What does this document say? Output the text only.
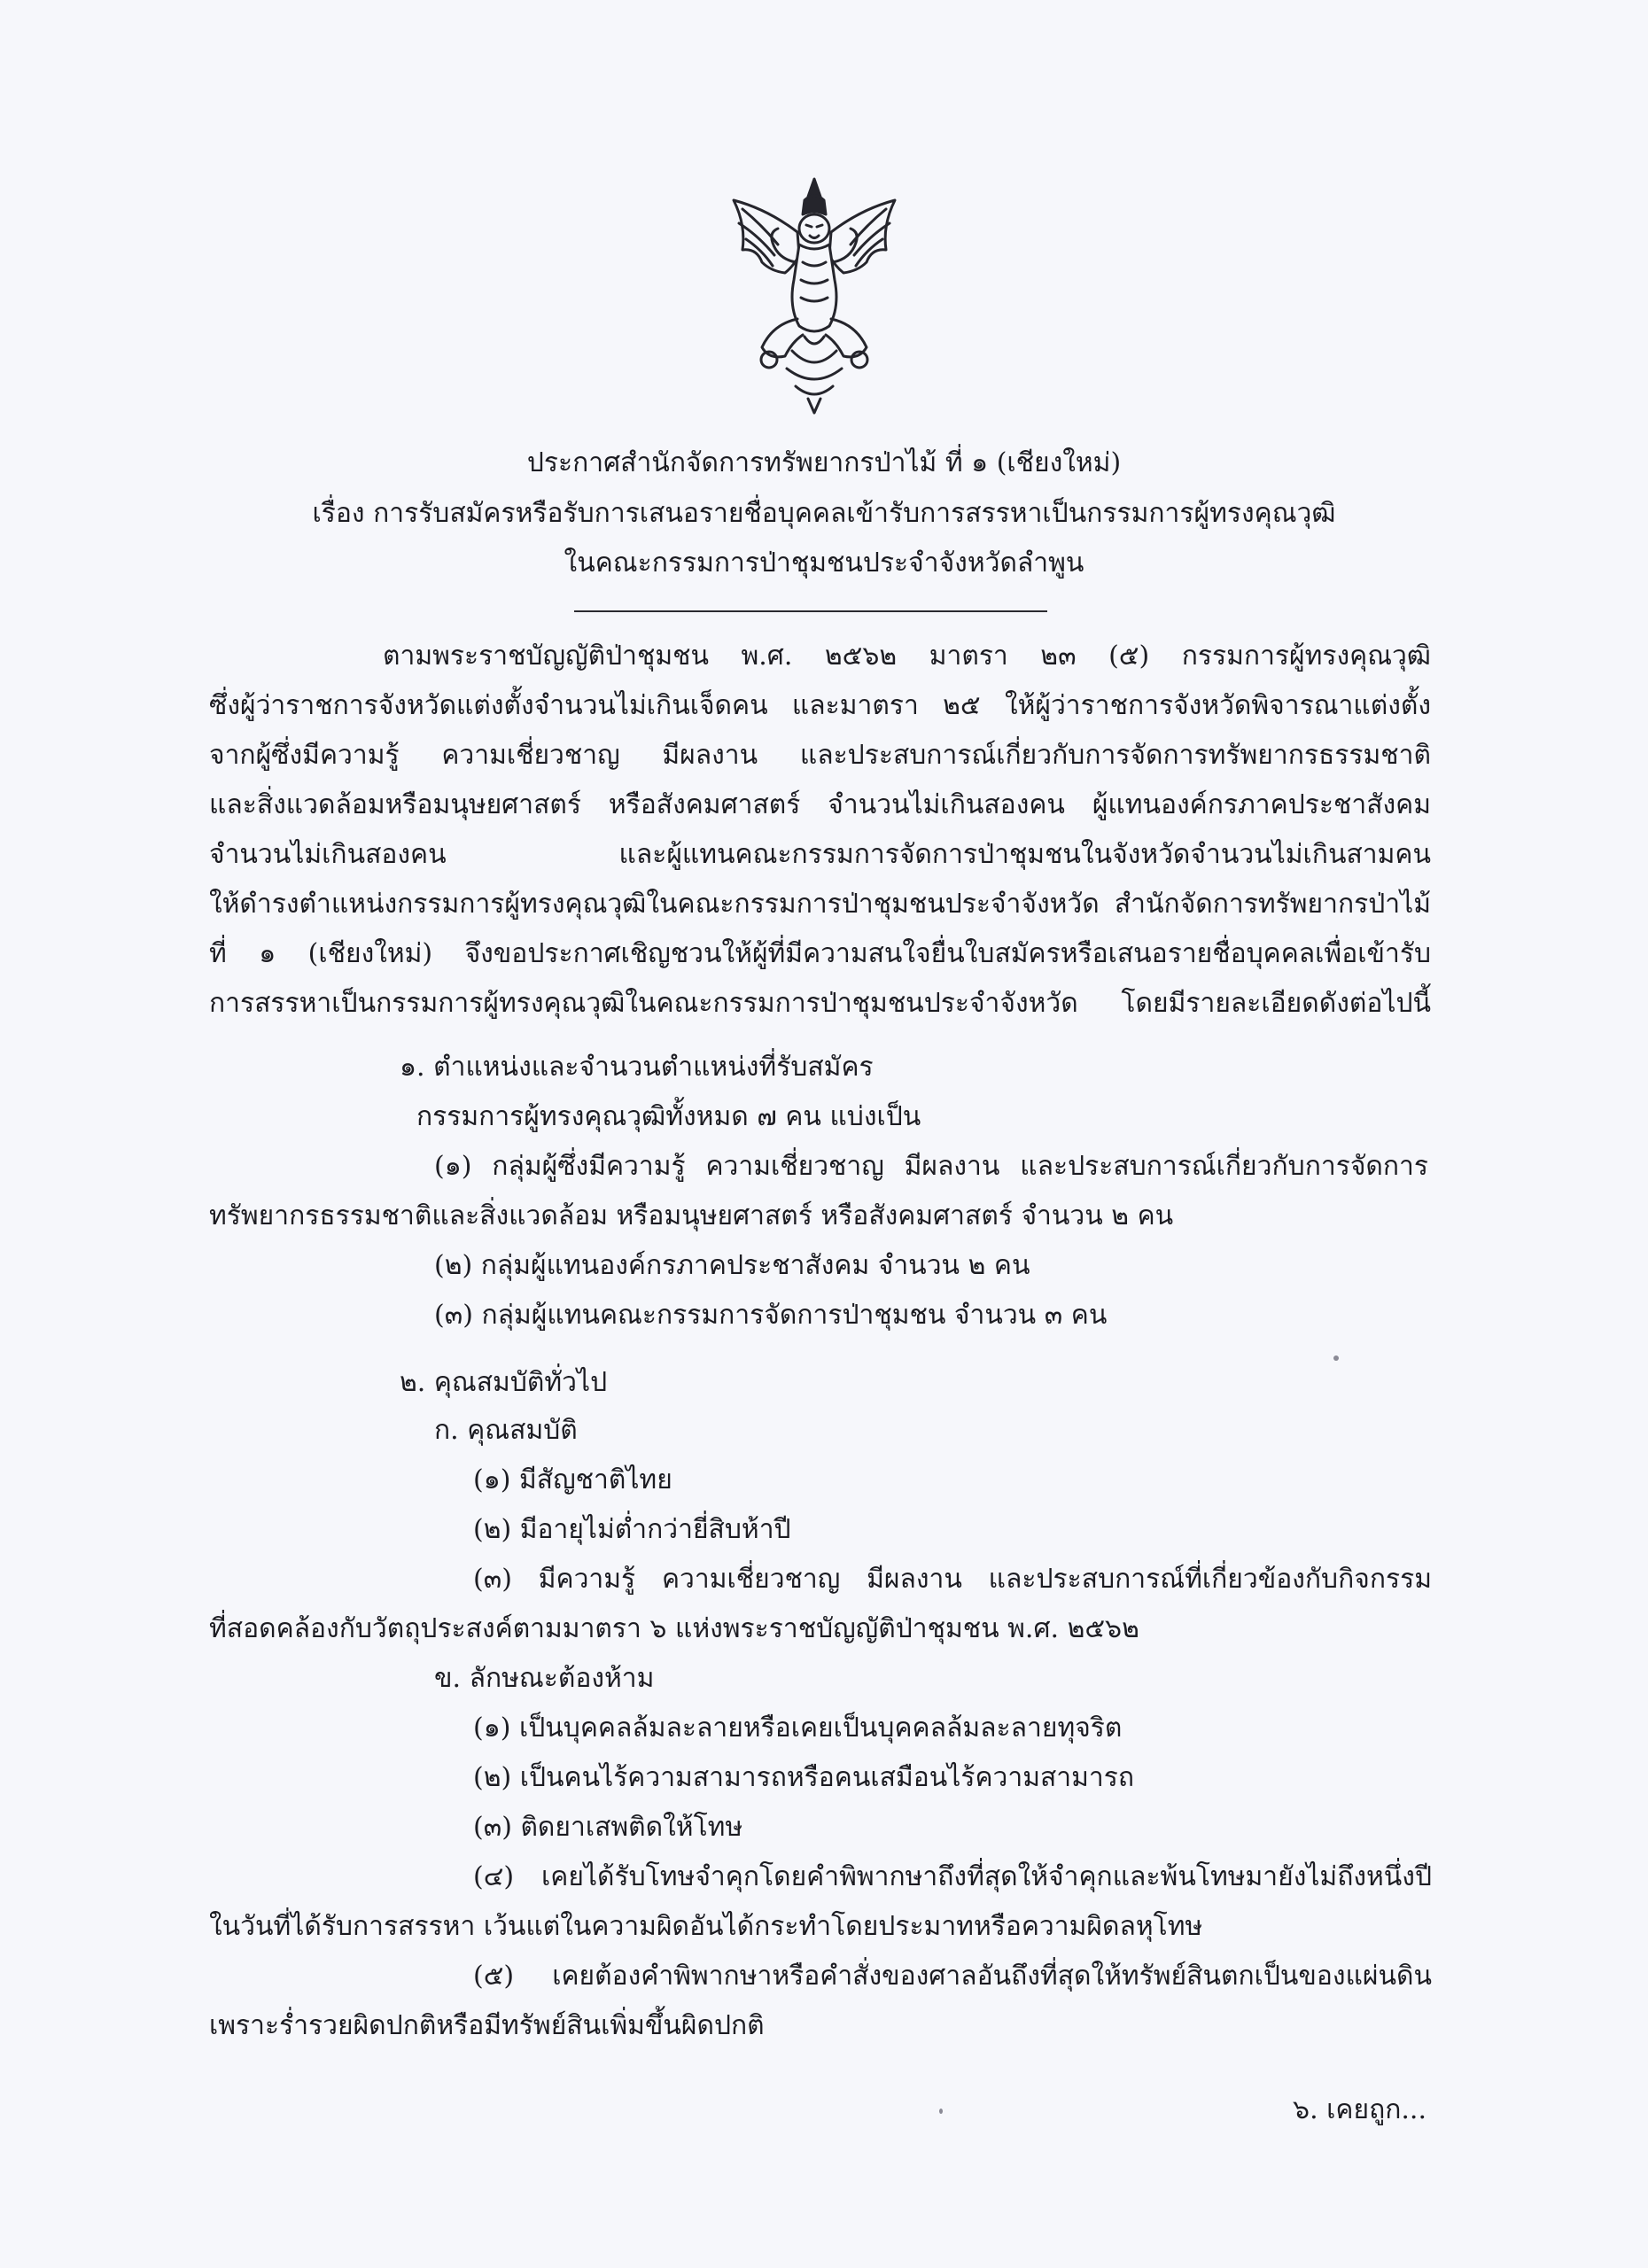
ประกาศสำนักจัดการทรัพยากรป่าไม้ ที่ ๑ (เชียงใหม่)
เรื่อง การรับสมัครหรือรับการเสนอรายชื่อบุคคลเข้ารับการสรรหาเป็นกรรมการผู้ทรงคุณวุฒิ
ในคณะกรรมการป่าชุมชนประจำจังหวัดลำพูน
ตามพระราชบัญญัติป่าชุมชน พ.ศ. ๒๕๖๒ มาตรา ๒๓ (๕) กรรมการผู้ทรงคุณวุฒิ
ซึ่งผู้ว่าราชการจังหวัดแต่งตั้งจำนวนไม่เกินเจ็ดคน และมาตรา ๒๕ ให้ผู้ว่าราชการจังหวัดพิจารณาแต่งตั้ง
จากผู้ซึ่งมีความรู้ ความเชี่ยวชาญ มีผลงาน และประสบการณ์เกี่ยวกับการจัดการทรัพยากรธรรมชาติ
และสิ่งแวดล้อมหรือมนุษยศาสตร์ หรือสังคมศาสตร์ จำนวนไม่เกินสองคน ผู้แทนองค์กรภาคประชาสังคม
จำนวนไม่เกินสองคน และผู้แทนคณะกรรมการจัดการป่าชุมชนในจังหวัดจำนวนไม่เกินสามคน
ให้ดำรงตำแหน่งกรรมการผู้ทรงคุณวุฒิในคณะกรรมการป่าชุมชนประจำจังหวัด สำนักจัดการทรัพยากรป่าไม้
ที่ ๑ (เชียงใหม่) จึงขอประกาศเชิญชวนให้ผู้ที่มีความสนใจยื่นใบสมัครหรือเสนอรายชื่อบุคคลเพื่อเข้ารับ
การสรรหาเป็นกรรมการผู้ทรงคุณวุฒิในคณะกรรมการป่าชุมชนประจำจังหวัด โดยมีรายละเอียดดังต่อไปนี้
๑. ตำแหน่งและจำนวนตำแหน่งที่รับสมัคร
กรรมการผู้ทรงคุณวุฒิทั้งหมด ๗ คน แบ่งเป็น
(๑) กลุ่มผู้ซึ่งมีความรู้ ความเชี่ยวชาญ มีผลงาน และประสบการณ์เกี่ยวกับการจัดการ
ทรัพยากรธรรมชาติและสิ่งแวดล้อม หรือมนุษยศาสตร์ หรือสังคมศาสตร์ จำนวน ๒ คน
(๒) กลุ่มผู้แทนองค์กรภาคประชาสังคม จำนวน ๒ คน
(๓) กลุ่มผู้แทนคณะกรรมการจัดการป่าชุมชน จำนวน ๓ คน
๒. คุณสมบัติทั่วไป
ก. คุณสมบัติ
(๑) มีสัญชาติไทย
(๒) มีอายุไม่ต่ำกว่ายี่สิบห้าปี
(๓) มีความรู้ ความเชี่ยวชาญ มีผลงาน และประสบการณ์ที่เกี่ยวข้องกับกิจกรรม
ที่สอดคล้องกับวัตถุประสงค์ตามมาตรา ๖ แห่งพระราชบัญญัติป่าชุมชน พ.ศ. ๒๕๖๒
ข. ลักษณะต้องห้าม
(๑) เป็นบุคคลล้มละลายหรือเคยเป็นบุคคลล้มละลายทุจริต
(๒) เป็นคนไร้ความสามารถหรือคนเสมือนไร้ความสามารถ
(๓) ติดยาเสพติดให้โทษ
(๔) เคยได้รับโทษจำคุกโดยคำพิพากษาถึงที่สุดให้จำคุกและพ้นโทษมายังไม่ถึงหนึ่งปี
ในวันที่ได้รับการสรรหา เว้นแต่ในความผิดอันได้กระทำโดยประมาทหรือความผิดลหุโทษ
(๕) เคยต้องคำพิพากษาหรือคำสั่งของศาลอันถึงที่สุดให้ทรัพย์สินตกเป็นของแผ่นดิน
เพราะร่ำรวยผิดปกติหรือมีทรัพย์สินเพิ่มขึ้นผิดปกติ
๖. เคยถูก...
